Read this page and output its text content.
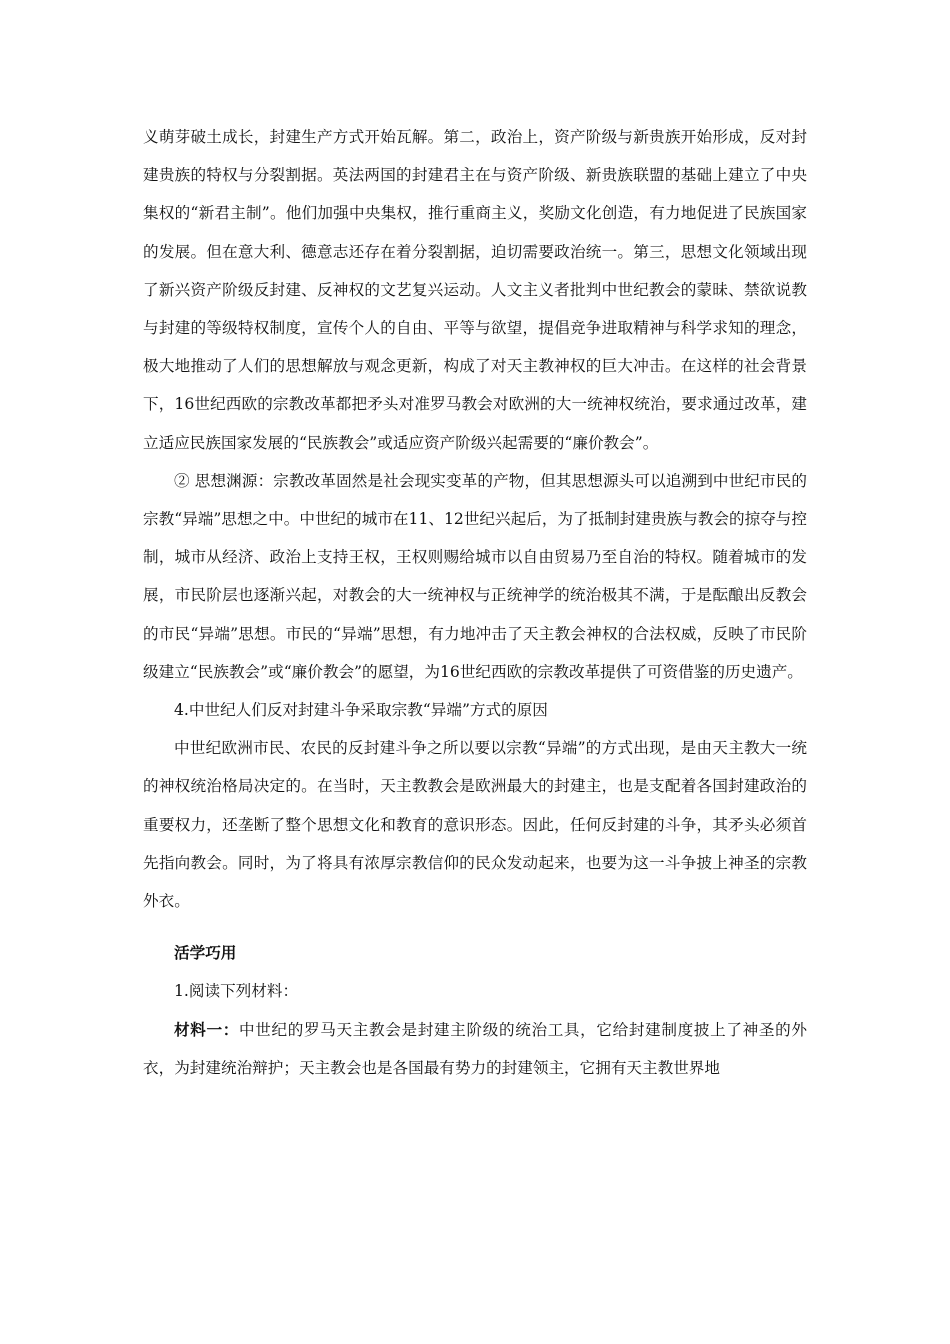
义萌芽破土成长，封建生产方式开始瓦解。第二，政治上，资产阶级与新贵族开始形成，反对封建贵族的特权与分裂割据。英法两国的封建君主在与资产阶级、新贵族联盟的基础上建立了中央集权的“新君主制”。他们加强中央集权，推行重商主义，奖励文化创造，有力地促进了民族国家的发展。但在意大利、德意志还存在着分裂割据，迫切需要政治统一。第三，思想文化领域出现了新兴资产阶级反封建、反神权的文艺复兴运动。人文主义者批判中世纪教会的蒙昧、禁欲说教与封建的等级特权制度，宣传个人的自由、平等与欲望，提倡竞争进取精神与科学求知的理念，极大地推动了人们的思想解放与观念更新，构成了对天主教神权的巨大冲击。在这样的社会背景下，16世纪西欧的宗教改革都把矛头对准罗马教会对欧洲的大一统神权统治，要求通过改革，建立适应民族国家发展的“民族教会”或适应资产阶级兴起需要的“廉价教会”。

② 思想渊源：宗教改革固然是社会现实变革的产物，但其思想源头可以追溯到中世纪市民的宗教“异端”思想之中。中世纪的城市在11、12世纪兴起后，为了抵制封建贵族与教会的掠夺与控制，城市从经济、政治上支持王权，王权则赐给城市以自由贸易乃至自治的特权。随着城市的发展，市民阶层也逐渐兴起，对教会的大一统神权与正统神学的统治极其不满，于是酝酿出反教会的市民“异端”思想。市民的“异端”思想，有力地冲击了天主教会神权的合法权威，反映了市民阶级建立“民族教会”或“廉价教会”的愿望，为16世纪西欧的宗教改革提供了可资借鉴的历史遗产。

4.中世纪人们反对封建斗争采取宗教“异端”方式的原因

中世纪欧洲市民、农民的反封建斗争之所以要以宗教“异端”的方式出现，是由天主教大一统的神权统治格局决定的。在当时，天主教教会是欧洲最大的封建主，也是支配着各国封建政治的重要权力，还垄断了整个思想文化和教育的意识形态。因此，任何反封建的斗争，其矛头必须首先指向教会。同时，为了将具有浓厚宗教信仰的民众发动起来，也要为这一斗争披上神圣的宗教外衣。

活学巧用

1.阅读下列材料：

材料一：中世纪的罗马天主教会是封建主阶级的统治工具，它给封建制度披上了神圣的外衣，为封建统治辩护；天主教会也是各国最有势力的封建领主，它拥有天主教世界地
